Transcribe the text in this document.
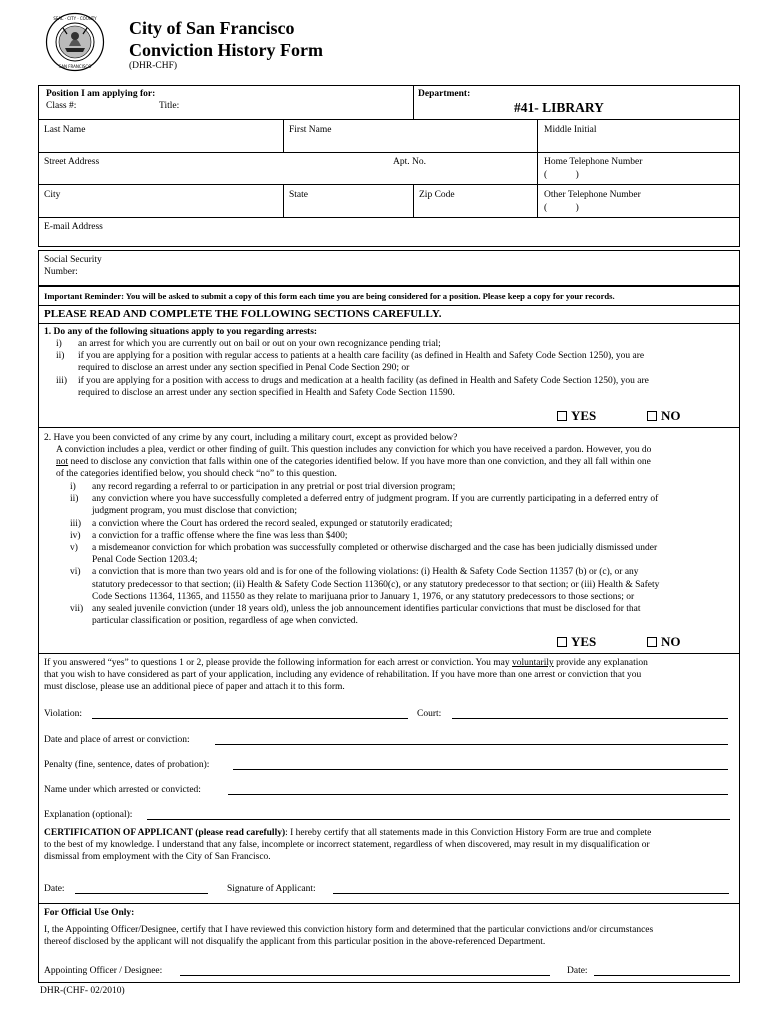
SEAL · CITY · COUNTY
SAN FRANCISCO
City of San Francisco
Conviction History Form
(DHR-CHF)
Position I am applying for:
Class #:	Title:
Department:
#41- LIBRARY
Last Name	First Name	Middle Initial
Street Address	Apt. No.	Home Telephone Number
(            )
City	State	Zip Code	Other Telephone Number
(            )
E-mail Address
Social Security
Number:
Important Reminder: You will be asked to submit a copy of this form each time you are being considered for a position. Please keep a copy for your records.
PLEASE READ AND COMPLETE THE FOLLOWING SECTIONS CAREFULLY.
1. Do any of the following situations apply to you regarding arrests:
i) an arrest for which you are currently out on bail or out on your own recognizance pending trial;
ii) if you are applying for a position with regular access to patients at a health care facility (as defined in Health and Safety Code Section 1250), you are
required to disclose an arrest under any section specified in Penal Code Section 290; or
iii) if you are applying for a position with access to drugs and medication at a health facility (as defined in Health and Safety Code Section 1250), you are
required to disclose an arrest under any section specified in Health and Safety Code Section 11590.
YES	NO
2. Have you been convicted of any crime by any court, including a military court, except as provided below?
A conviction includes a plea, verdict or other finding of guilt. This question includes any conviction for which you have received a pardon. However, you do
not need to disclose any conviction that falls within one of the categories identified below. If you have more than one conviction, and they all fall within one
of the categories identified below, you should check “no” to this question.
i) any record regarding a referral to or participation in any pretrial or post trial diversion program;
ii) any conviction where you have successfully completed a deferred entry of judgment program. If you are currently participating in a deferred entry of
judgment program, you must disclose that conviction;
iii) a conviction where the Court has ordered the record sealed, expunged or statutorily eradicated;
iv) a conviction for a traffic offense where the fine was less than $400;
v) a misdemeanor conviction for which probation was successfully completed or otherwise discharged and the case has been judicially dismissed under
Penal Code Section 1203.4;
vi) a conviction that is more than two years old and is for one of the following violations: (i) Health & Safety Code Section 11357 (b) or (c), or any
statutory predecessor to that section; (ii) Health & Safety Code Section 11360(c), or any statutory predecessor to that section; or (iii) Health & Safety
Code Sections 11364, 11365, and 11550 as they relate to marijuana prior to January 1, 1976, or any statutory predecessors to those sections; or
vii) any sealed juvenile conviction (under 18 years old), unless the job announcement identifies particular convictions that must be disclosed for that
particular classification or position, regardless of age when convicted.
YES	NO
If you answered “yes” to questions 1 or 2, please provide the following information for each arrest or conviction. You may voluntarily provide any explanation
that you wish to have considered as part of your application, including any evidence of rehabilitation. If you have more than one arrest or conviction that you
must disclose, please use an additional piece of paper and attach it to this form.
Violation:	Court:
Date and place of arrest or conviction:
Penalty (fine, sentence, dates of probation):
Name under which arrested or convicted:
Explanation (optional):
CERTIFICATION OF APPLICANT (please read carefully): I hereby certify that all statements made in this Conviction History Form are true and complete
to the best of my knowledge. I understand that any false, incomplete or incorrect statement, regardless of when discovered, may result in my disqualification or
dismissal from employment with the City of San Francisco.
Date:	Signature of Applicant:
For Official Use Only:
I, the Appointing Officer/Designee, certify that I have reviewed this conviction history form and determined that the particular convictions and/or circumstances
thereof disclosed by the applicant will not disqualify the applicant from this particular position in the above-referenced Department.
Appointing Officer / Designee:	Date:
DHR-(CHF- 02/2010)
